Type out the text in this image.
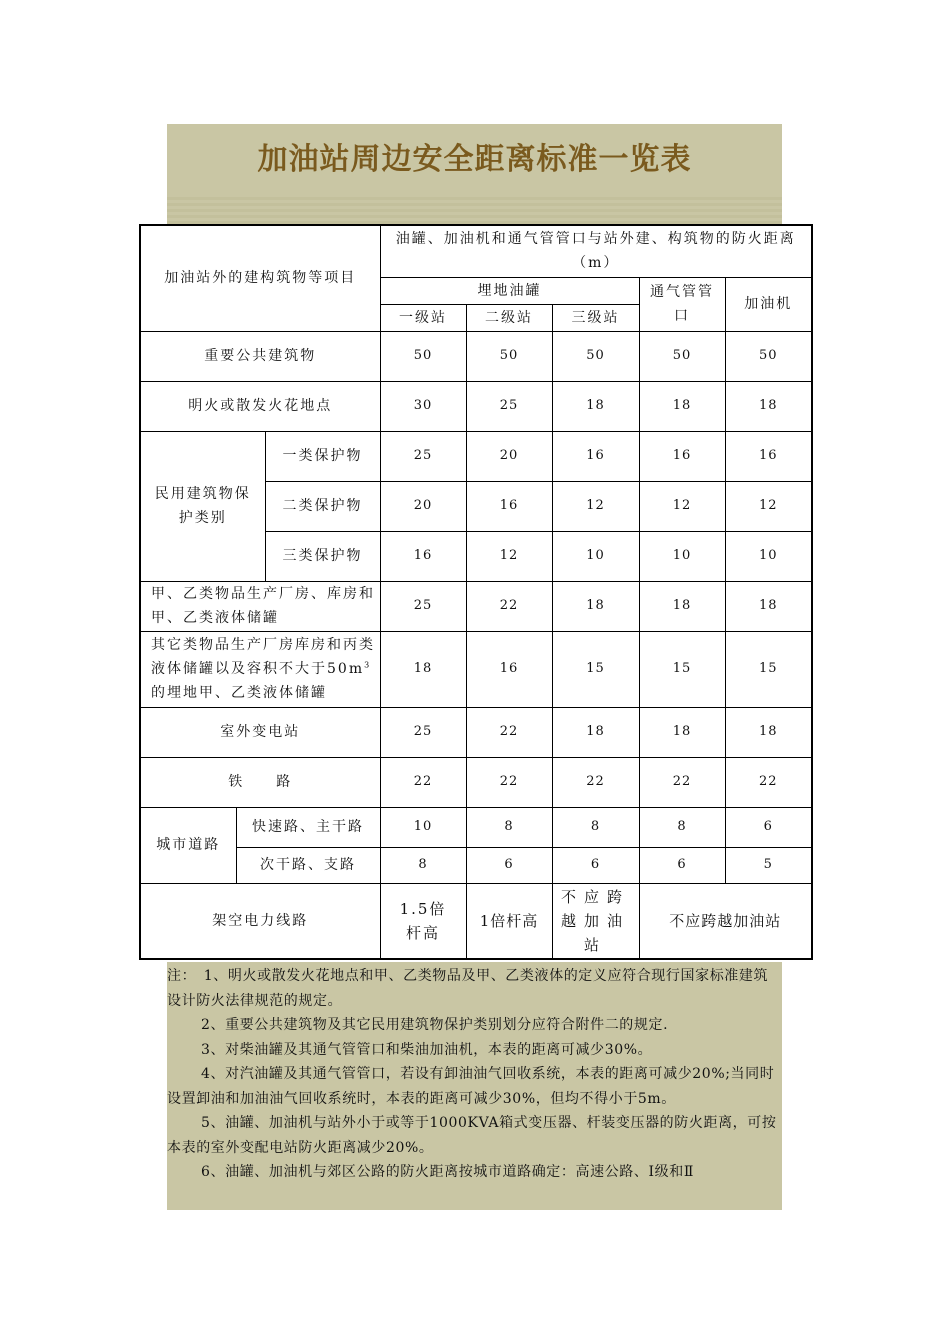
加油站周边安全距离标准一览表
加油站外的建构筑物等项目			油罐、加油机和通气管管口与站外建、构筑物的防火距离（m）				
			埋地油罐			通气管管口	加油机
			一级站	二级站	三级站		
重要公共建筑物			50	50	50	50	50
明火或散发火花地点			30	25	18	18	18
民用建筑物保护类别		一类保护物	25	20	16	16	16
		二类保护物	20	16	12	12	12
		三类保护物	16	12	10	10	10
甲、乙类物品生产厂房、库房和甲、乙类液体储罐			25	22	18	18	18
其它类物品生产厂房库房和丙类液体储罐以及容积不大于$50m^3$的埋地甲、乙类液体储罐			18	16	15	15	15
室外变电站			25	22	18	18	18
铁　　路			22	22	22	22	22
城市道路	快速路、主干路		10	8	8	8	6
	次干路、支路		8	6	6	6	5
架空电力线路			1.5倍杆高	1倍杆高	不应跨越加油站	不应跨越加油站	

注：　1、明火或散发火花地点和甲、乙类物品及甲、乙类液体的定义应符合现行国家标准建筑设计防火法律规范的规定。

2、重要公共建筑物及其它民用建筑物保护类别划分应符合附件二的规定.

3、对柴油罐及其通气管管口和柴油加油机，本表的距离可减少30%。

4、对汽油罐及其通气管管口，若设有卸油油气回收系统，本表的距离可减少20%;当同时设置卸油和加油油气回收系统时，本表的距离可减少30%，但均不得小于5m。

5、油罐、加油机与站外小于或等于1000KVA箱式变压器、杆装变压器的防火距离，可按本表的室外变配电站防火距离减少20%。

6、油罐、加油机与郊区公路的防火距离按城市道路确定：高速公路、Ⅰ级和Ⅱ
